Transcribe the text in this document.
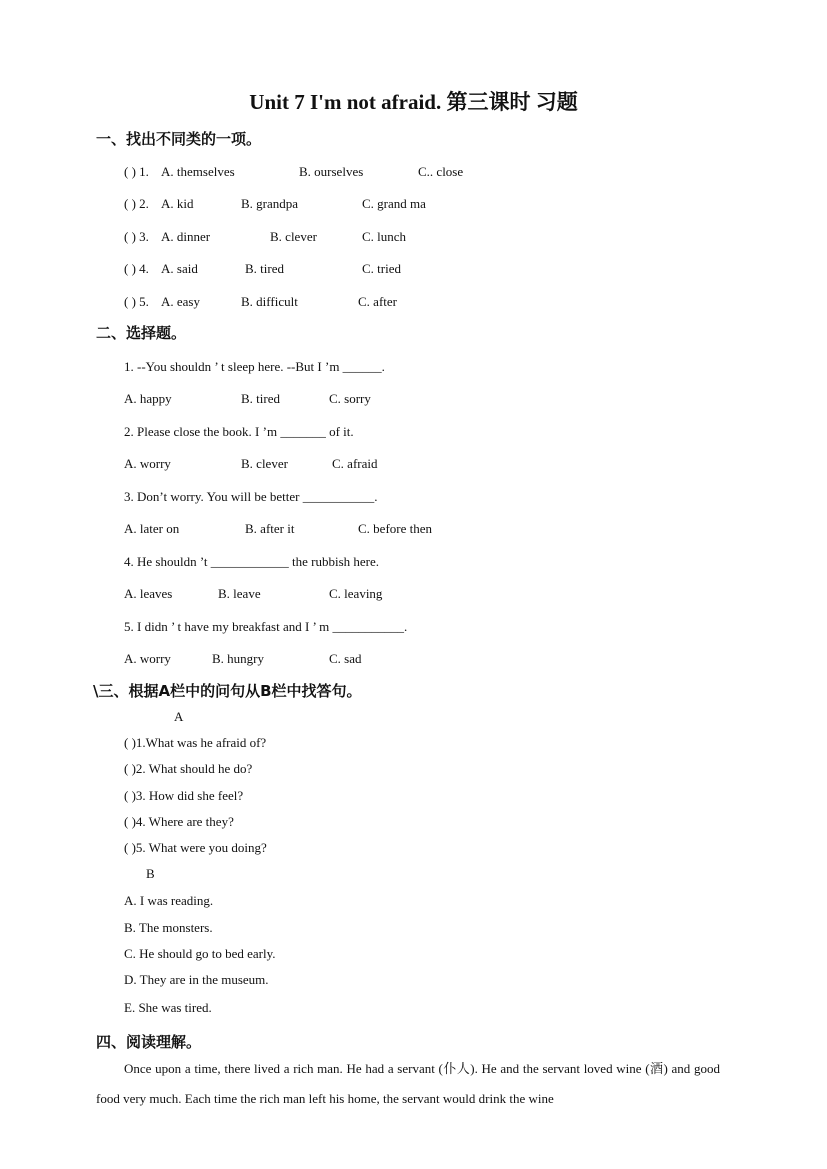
Unit 7 I'm not afraid. 第三课时 习题
一、找出不同类的一项。
( ) 1. A. themselves	B. ourselves	C.. close
( ) 2. A. kid	B. grandpa	C. grand ma
( ) 3. A. dinner	B. clever	C. lunch
( ) 4. A. said	B. tired	C. tried
( ) 5. A. easy	B. difficult	C. after
二、选择题。
1. --You shouldn ’ t sleep here. --But I ’m ______.
A. happy	B. tired	C. sorry
2. Please close the book. I ’m _______ of it.
A. worry	B. clever	C. afraid
3. Don’t worry. You will be better ___________.
A. later on	B. after it	C. before then
4. He shouldn ’t ____________ the rubbish here.
A. leaves	B. leave	C. leaving
5. I didn ’ t have my breakfast and I ’ m ___________.
A. worry	B. hungry	C. sad
\三、根据A栏中的问句从B栏中找答句。
A
( )1.What was he afraid of?
( )2. What should he do?
( )3. How did she feel?
( )4. Where are they?
( )5. What were you doing?
B
A. I was reading.
B. The monsters.
C. He should go to bed early.
D. They are in the museum.
E. She was tired.
四、阅读理解。
Once upon a time, there lived a rich man. He had a servant (仆人). He and the servant loved wine (酒) and good food very much. Each time the rich man left his home, the servant would drink the wine
